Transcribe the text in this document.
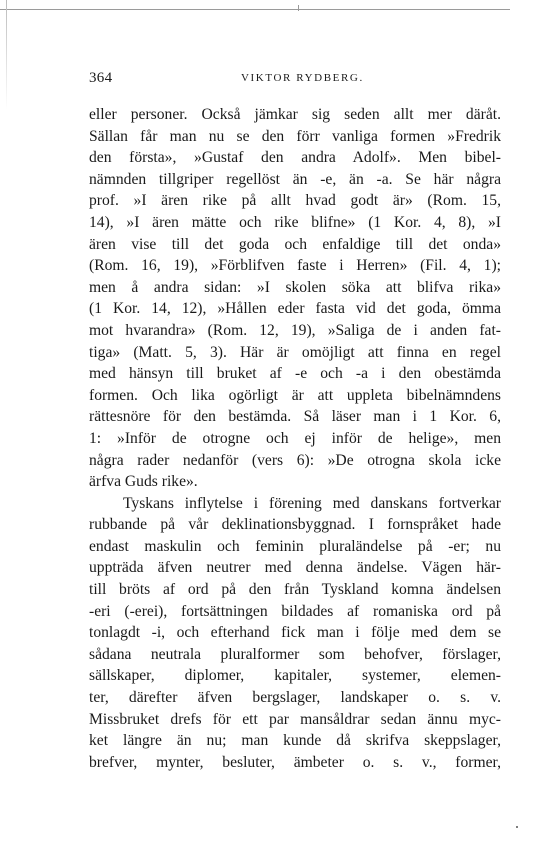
364	VIKTOR RYDBERG.
eller personer. Också jämkar sig seden allt mer däråt.
Sällan får man nu se den förr vanliga formen »Fredrik
den första», »Gustaf den andra Adolf». Men bibel-
nämnden tillgriper regellöst än -e, än -a. Se här några
prof. »I ären rike på allt hvad godt är» (Rom. 15,
14), »I ären mätte och rike blifne» (1 Kor. 4, 8), »I
ären vise till det goda och enfaldige till det onda»
(Rom. 16, 19), »Förblifven faste i Herren» (Fil. 4, 1);
men å andra sidan: »I skolen söka att blifva rika»
(1 Kor. 14, 12), »Hållen eder fasta vid det goda, ömma
mot hvarandra» (Rom. 12, 19), »Saliga de i anden fat-
tiga» (Matt. 5, 3). Här är omöjligt att finna en regel
med hänsyn till bruket af -e och -a i den obestämda
formen. Och lika ogörligt är att uppleta bibelnämndens
rättesnöre för den bestämda. Så läser man i 1 Kor. 6,
1: »Inför de otrogne och ej inför de helige», men
några rader nedanför (vers 6): »De otrogna skola icke
ärfva Guds rike».
Tyskans inflytelse i förening med danskans fortverkar
rubbande på vår deklinationsbyggnad. I fornspråket hade
endast maskulin och feminin pluraländelse på -er; nu
uppträda äfven neutrer med denna ändelse. Vägen här-
till bröts af ord på den från Tyskland komna ändelsen
-eri (-erei), fortsättningen bildades af romaniska ord på
tonlagdt -i, och efterhand fick man i följe med dem se
sådana neutrala pluralformer som behofver, förslager,
sällskaper, diplomer, kapitaler, systemer, elemen-
ter, därefter äfven bergslager, landskaper o. s. v.
Missbruket drefs för ett par mansåldrar sedan ännu myc-
ket längre än nu; man kunde då skrifva skeppslager,
brefver, mynter, besluter, ämbeter o. s. v., former,
